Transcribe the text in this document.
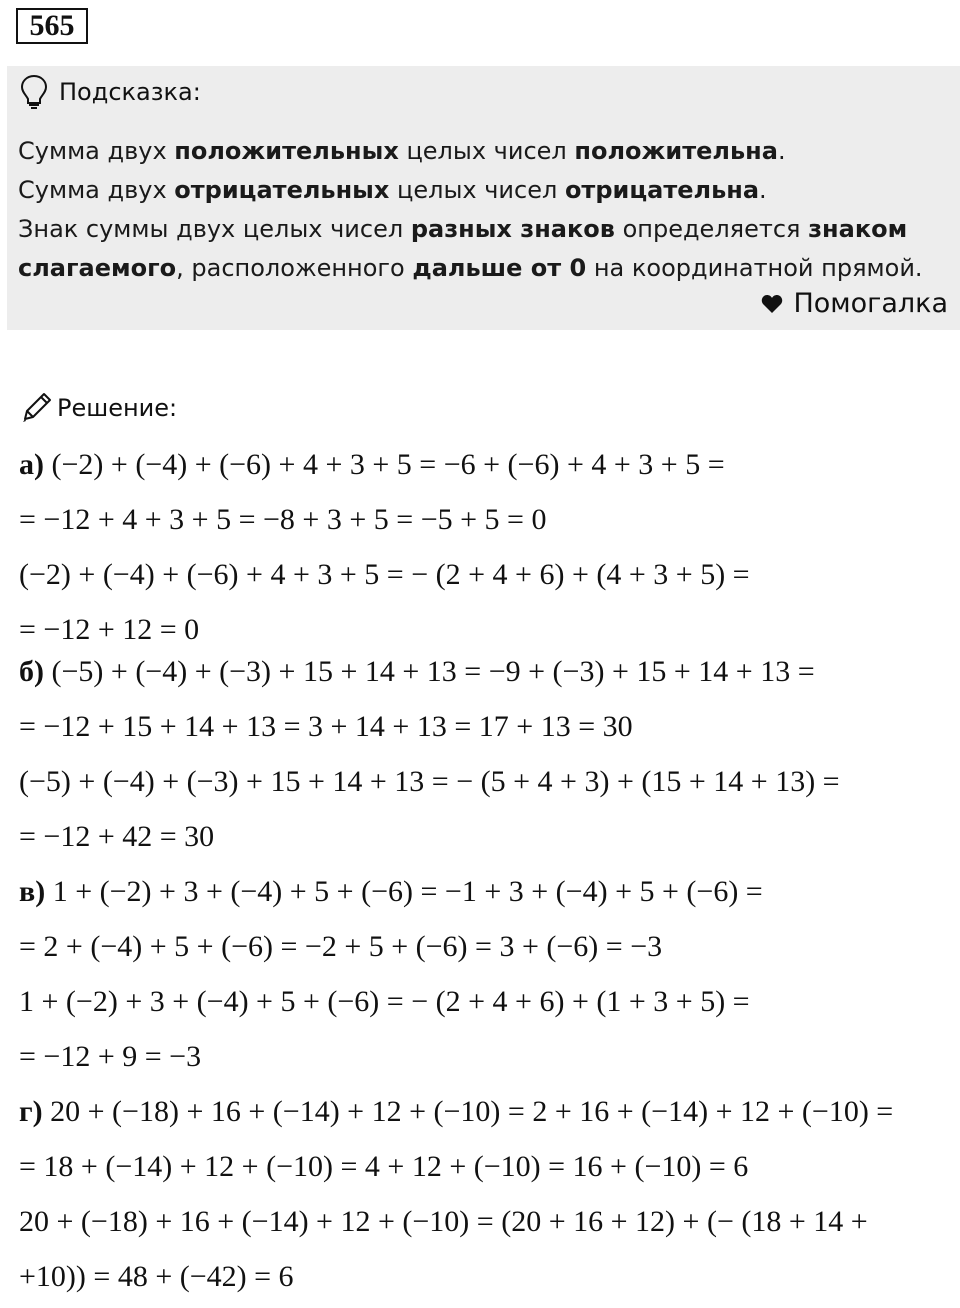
565
Подсказка:
Сумма двух положительных целых чисел положительна.
Сумма двух отрицательных целых чисел отрицательна.
Знак суммы двух целых чисел разных знаков определяется знаком
слагаемого, расположенного дальше от 0 на координатной прямой.
Помогалка
Решение:
а) (−2) + (−4) + (−6) + 4 + 3 + 5 = −6 + (−6) + 4 + 3 + 5 =
= −12 + 4 + 3 + 5 = −8 + 3 + 5 = −5 + 5 = 0
(−2) + (−4) + (−6) + 4 + 3 + 5 = − (2 + 4 + 6) + (4 + 3 + 5) =
= −12 + 12 = 0
б) (−5) + (−4) + (−3) + 15 + 14 + 13 = −9 + (−3) + 15 + 14 + 13 =
= −12 + 15 + 14 + 13 = 3 + 14 + 13 = 17 + 13 = 30
(−5) + (−4) + (−3) + 15 + 14 + 13 = − (5 + 4 + 3) + (15 + 14 + 13) =
= −12 + 42 = 30
в) 1 + (−2) + 3 + (−4) + 5 + (−6) = −1 + 3 + (−4) + 5 + (−6) =
= 2 + (−4) + 5 + (−6) = −2 + 5 + (−6) = 3 + (−6) = −3
1 + (−2) + 3 + (−4) + 5 + (−6) = − (2 + 4 + 6) + (1 + 3 + 5) =
= −12 + 9 = −3
г) 20 + (−18) + 16 + (−14) + 12 + (−10) = 2 + 16 + (−14) + 12 + (−10) =
= 18 + (−14) + 12 + (−10) = 4 + 12 + (−10) = 16 + (−10) = 6
20 + (−18) + 16 + (−14) + 12 + (−10) = (20 + 16 + 12) + (− (18 + 14 +
+10)) = 48 + (−42) = 6
